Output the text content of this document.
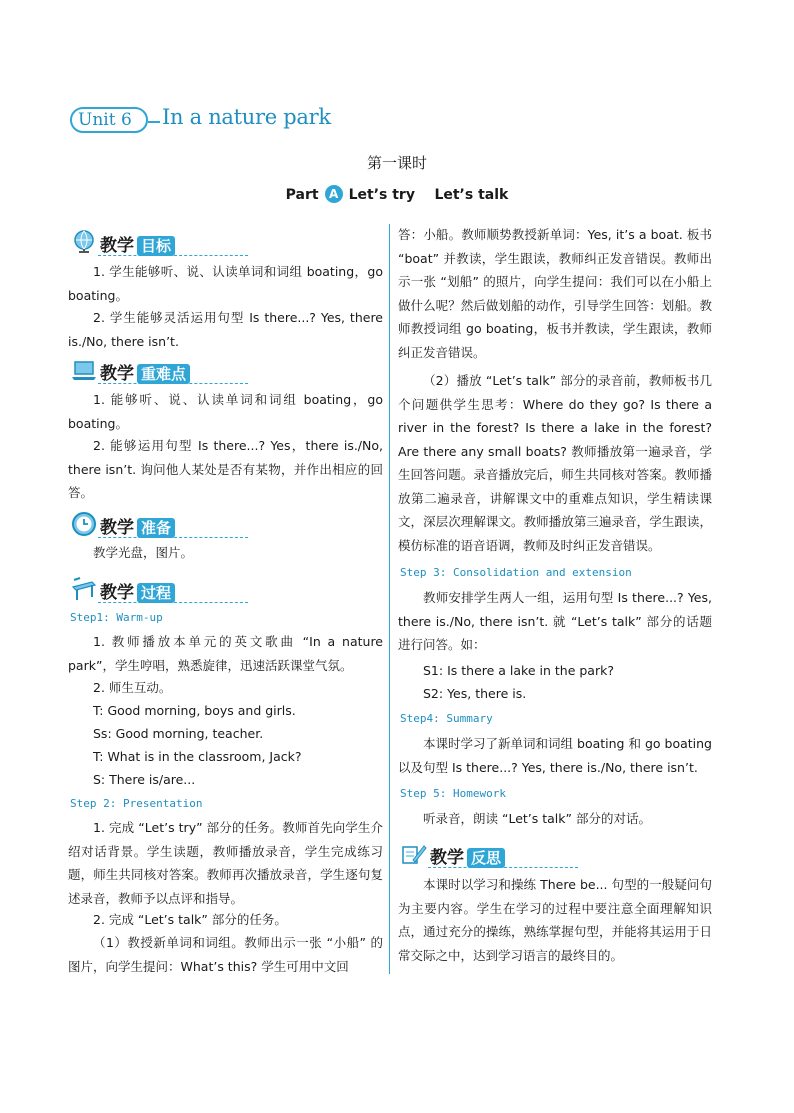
Unit 6	In a nature park
第一课时
Part A Let’s try    Let’s talk
教学 目标
1. 学生能够听、说、认读单词和词组 boating，go boating。
2. 学生能够灵活运用句型 Is there...? Yes, there is./No, there isn’t.
教学 重难点
1. 能够听、说、认读单词和词组 boating，go boating。
2. 能够运用句型 Is there...? Yes，there is./No, there isn’t. 询问他人某处是否有某物，并作出相应的回答。
教学 准备
教学光盘，图片。
教学 过程
Step1: Warm-up
1. 教师播放本单元的英文歌曲 “In a nature park”，学生哼唱，熟悉旋律，迅速活跃课堂气氛。
2. 师生互动。
T: Good morning, boys and girls.
Ss: Good morning, teacher.
T: What is in the classroom, Jack?
S: There is/are...
Step 2: Presentation
1. 完成 “Let’s try” 部分的任务。教师首先向学生介绍对话背景。学生读题，教师播放录音，学生完成练习题，师生共同核对答案。教师再次播放录音，学生逐句复述录音，教师予以点评和指导。
2. 完成 “Let’s talk” 部分的任务。
（1）教授新单词和词组。教师出示一张 “小船” 的图片，向学生提问：What’s this? 学生可用中文回
答：小船。教师顺势教授新单词：Yes, it’s a boat. 板书 “boat” 并教读，学生跟读，教师纠正发音错误。教师出示一张 “划船” 的照片，向学生提问：我们可以在小船上做什么呢？然后做划船的动作，引导学生回答：划船。教师教授词组 go boating，板书并教读，学生跟读，教师纠正发音错误。
（2）播放 “Let’s talk” 部分的录音前，教师板书几个问题供学生思考：Where do they go? Is there a river in the forest? Is there a lake in the forest? Are there any small boats? 教师播放第一遍录音，学生回答问题。录音播放完后，师生共同核对答案。教师播放第二遍录音，讲解课文中的重难点知识，学生精读课文，深层次理解课文。教师播放第三遍录音，学生跟读，模仿标准的语音语调，教师及时纠正发音错误。
Step 3: Consolidation and extension
教师安排学生两人一组，运用句型 Is there...? Yes, there is./No, there isn’t. 就 “Let’s talk” 部分的话题进行问答。如：
S1: Is there a lake in the park?
S2: Yes, there is.
Step4: Summary
本课时学习了新单词和词组 boating 和 go boating 以及句型 Is there...? Yes, there is./No, there isn’t.
Step 5: Homework
听录音，朗读 “Let’s talk” 部分的对话。
教学 反思
本课时以学习和操练 There be... 句型的一般疑问句为主要内容。学生在学习的过程中要注意全面理解知识点，通过充分的操练，熟练掌握句型，并能将其运用于日常交际之中，达到学习语言的最终目的。
